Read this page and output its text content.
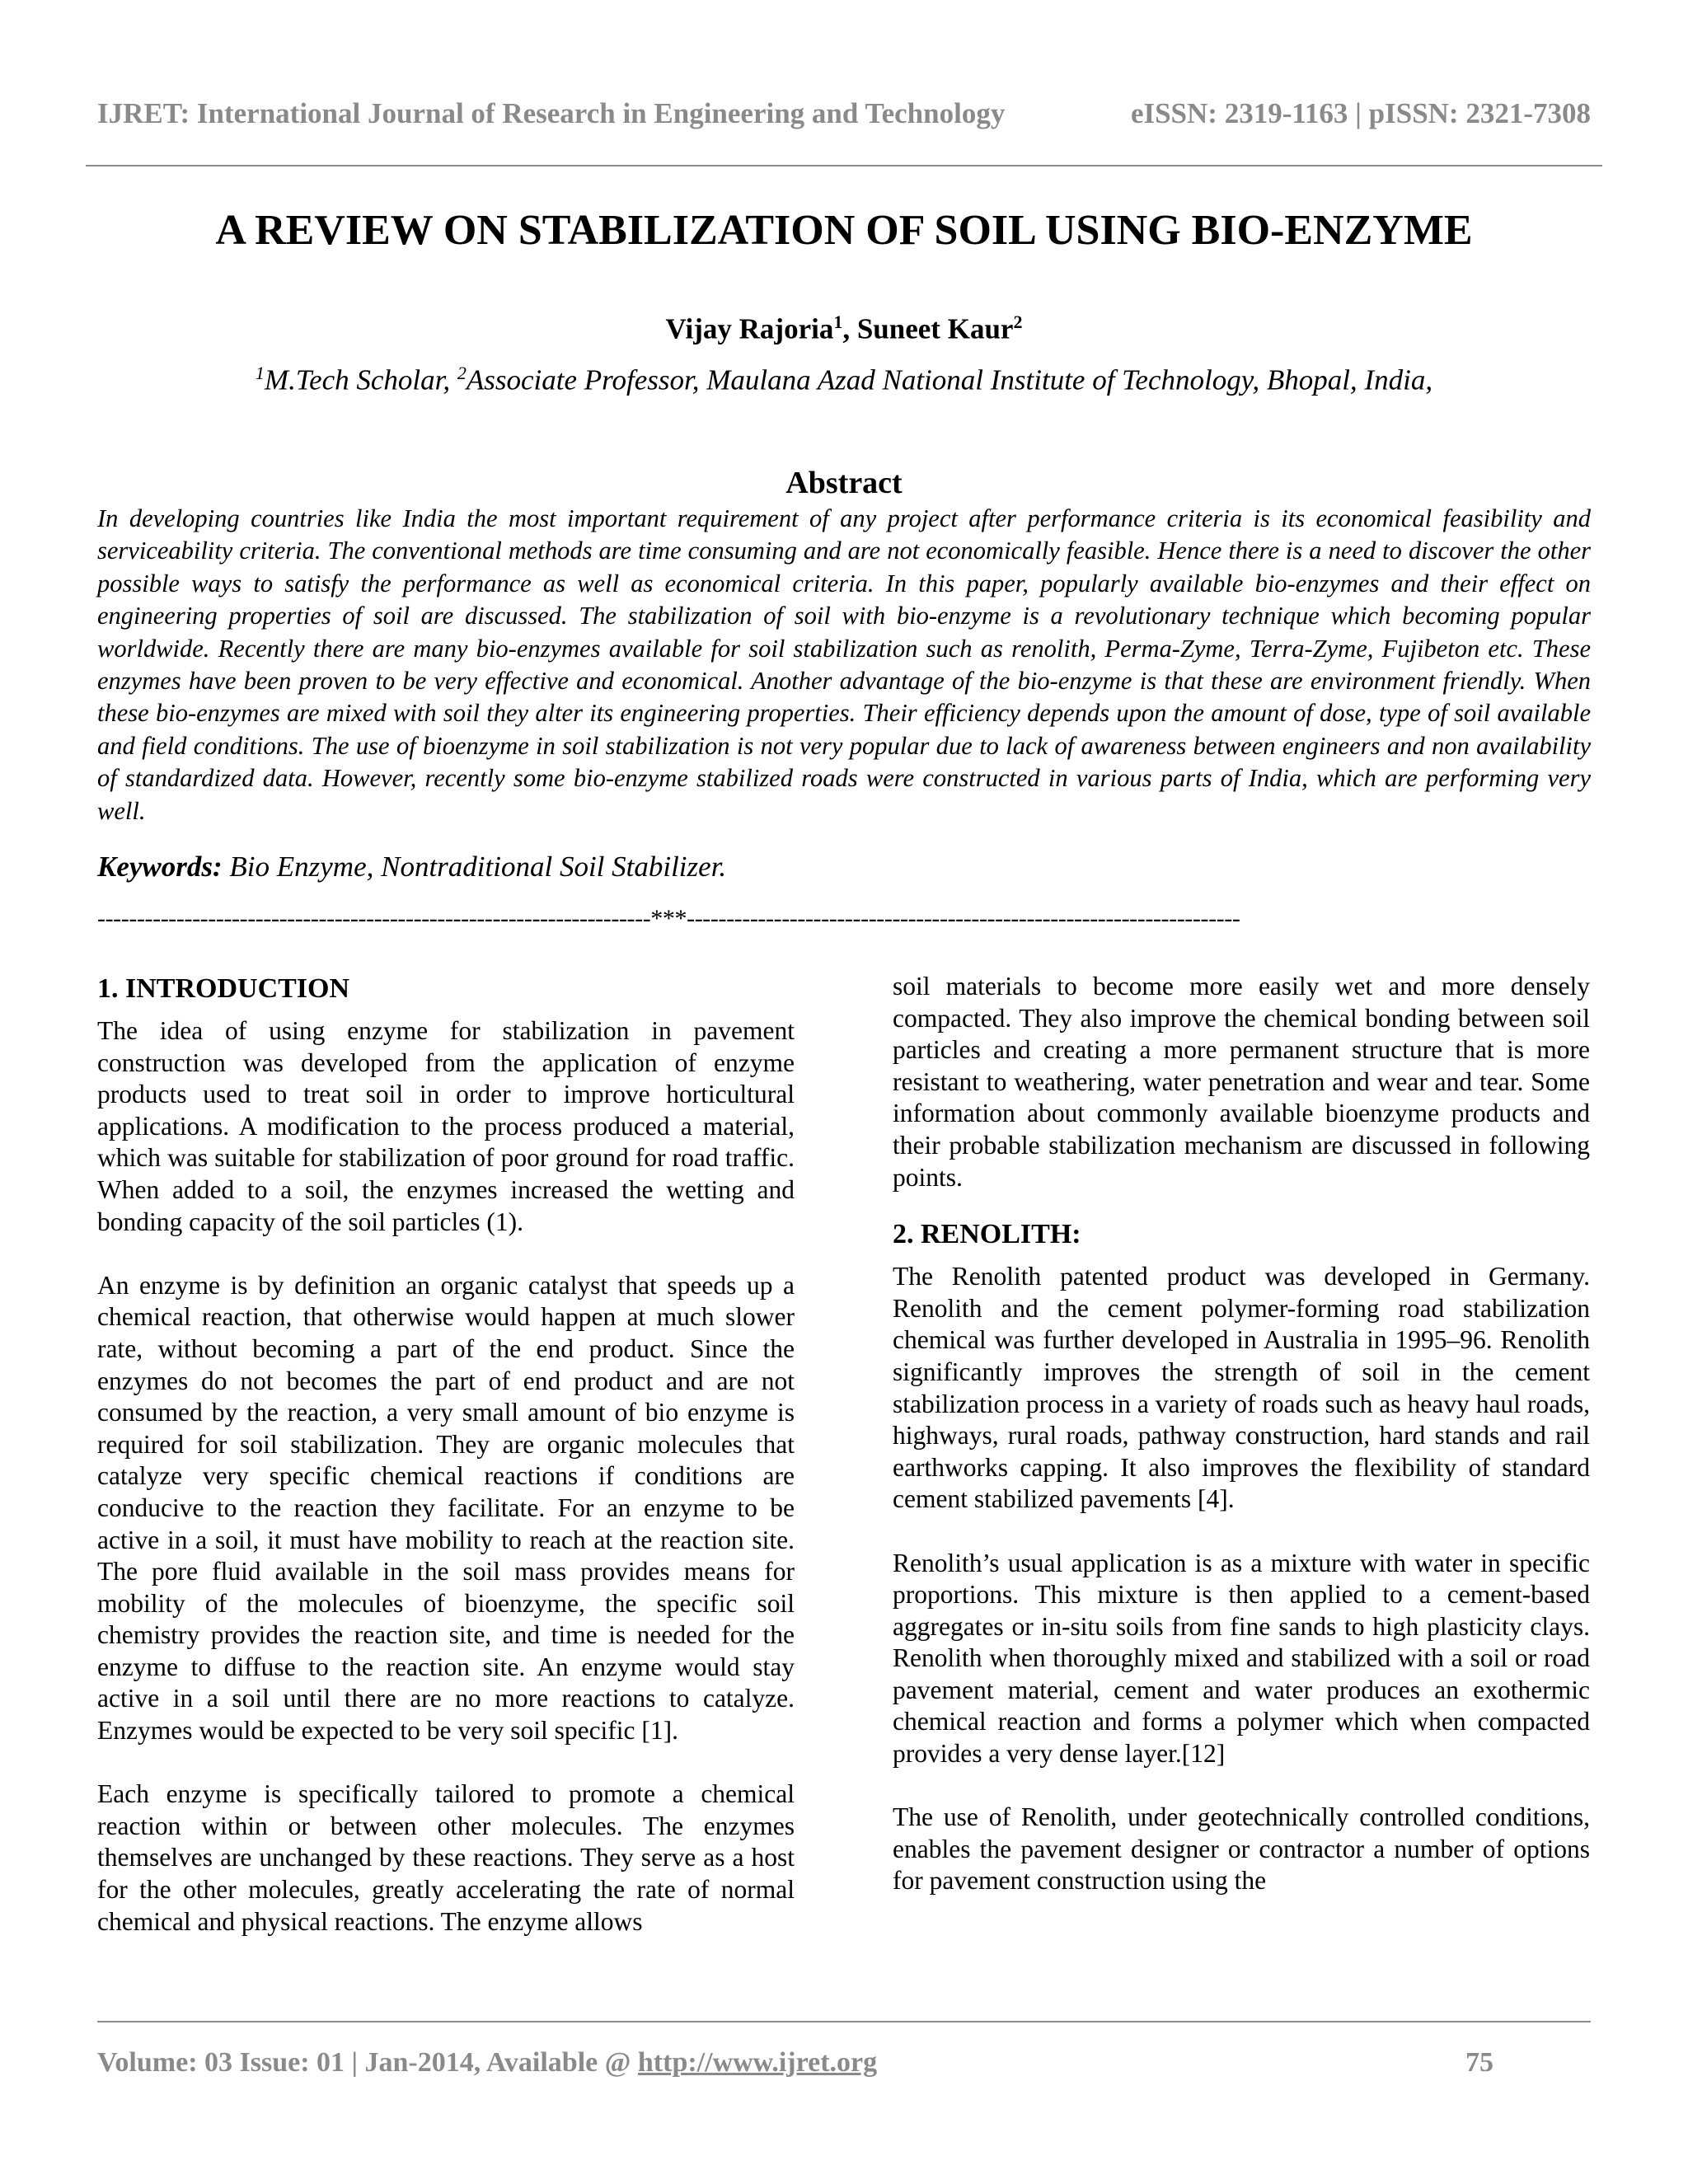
IJRET: International Journal of Research in Engineering and Technology	eISSN: 2319-1163 | pISSN: 2321-7308
A REVIEW ON STABILIZATION OF SOIL USING BIO-ENZYME
Vijay Rajoria$^1$, Suneet Kaur$^2$
$^1$M.Tech Scholar, $^2$Associate Professor, Maulana Azad National Institute of Technology, Bhopal, India,
Abstract
In developing countries like India the most important requirement of any project after performance criteria is its economical feasibility and serviceability criteria. The conventional methods are time consuming and are not economically feasible. Hence there is a need to discover the other possible ways to satisfy the performance as well as economical criteria. In this paper, popularly available bio-enzymes and their effect on engineering properties of soil are discussed. The stabilization of soil with bio-enzyme is a revolutionary technique which becoming popular worldwide. Recently there are many bio-enzymes available for soil stabilization such as renolith, Perma-Zyme, Terra-Zyme, Fujibeton etc. These enzymes have been proven to be very effective and economical. Another advantage of the bio-enzyme is that these are environment friendly. When these bio-enzymes are mixed with soil they alter its engineering properties. Their efficiency depends upon the amount of dose, type of soil available and field conditions. The use of bioenzyme in soil stabilization is not very popular due to lack of awareness between engineers and non availability of standardized data. However, recently some bio-enzyme stabilized roads were constructed in various parts of India, which are performing very well.
Keywords: Bio Enzyme, Nontraditional Soil Stabilizer.
----------------------------------------------------------------------***----------------------------------------------------------------------
1. INTRODUCTION

The idea of using enzyme for stabilization in pavement construction was developed from the application of enzyme products used to treat soil in order to improve horticultural applications. A modification to the process produced a material, which was suitable for stabilization of poor ground for road traffic. When added to a soil, the enzymes increased the wetting and bonding capacity of the soil particles (1).

An enzyme is by definition an organic catalyst that speeds up a chemical reaction, that otherwise would happen at much slower rate, without becoming a part of the end product. Since the enzymes do not becomes the part of end product and are not consumed by the reaction, a very small amount of bio enzyme is required for soil stabilization. They are organic molecules that catalyze very specific chemical reactions if conditions are conducive to the reaction they facilitate. For an enzyme to be active in a soil, it must have mobility to reach at the reaction site. The pore fluid available in the soil mass provides means for mobility of the molecules of bioenzyme, the specific soil chemistry provides the reaction site, and time is needed for the enzyme to diffuse to the reaction site. An enzyme would stay active in a soil until there are no more reactions to catalyze. Enzymes would be expected to be very soil specific [1].

Each enzyme is specifically tailored to promote a chemical reaction within or between other molecules. The enzymes themselves are unchanged by these reactions. They serve as a host for the other molecules, greatly accelerating the rate of normal chemical and physical reactions. The enzyme allows

soil materials to become more easily wet and more densely compacted. They also improve the chemical bonding between soil particles and creating a more permanent structure that is more resistant to weathering, water penetration and wear and tear. Some information about commonly available bioenzyme products and their probable stabilization mechanism are discussed in following points.

2. RENOLITH:

The Renolith patented product was developed in Germany. Renolith and the cement polymer-forming road stabilization chemical was further developed in Australia in 1995–96. Renolith significantly improves the strength of soil in the cement stabilization process in a variety of roads such as heavy haul roads, highways, rural roads, pathway construction, hard stands and rail earthworks capping. It also improves the flexibility of standard cement stabilized pavements [4].

Renolith’s usual application is as a mixture with water in specific proportions. This mixture is then applied to a cement-based aggregates or in-situ soils from fine sands to high plasticity clays. Renolith when thoroughly mixed and stabilized with a soil or road pavement material, cement and water produces an exothermic chemical reaction and forms a polymer which when compacted provides a very dense layer.[12]

The use of Renolith, under geotechnically controlled conditions, enables the pavement designer or contractor a number of options for pavement construction using the

Volume: 03 Issue: 01 | Jan-2014, Available @ http://www.ijret.org	75
